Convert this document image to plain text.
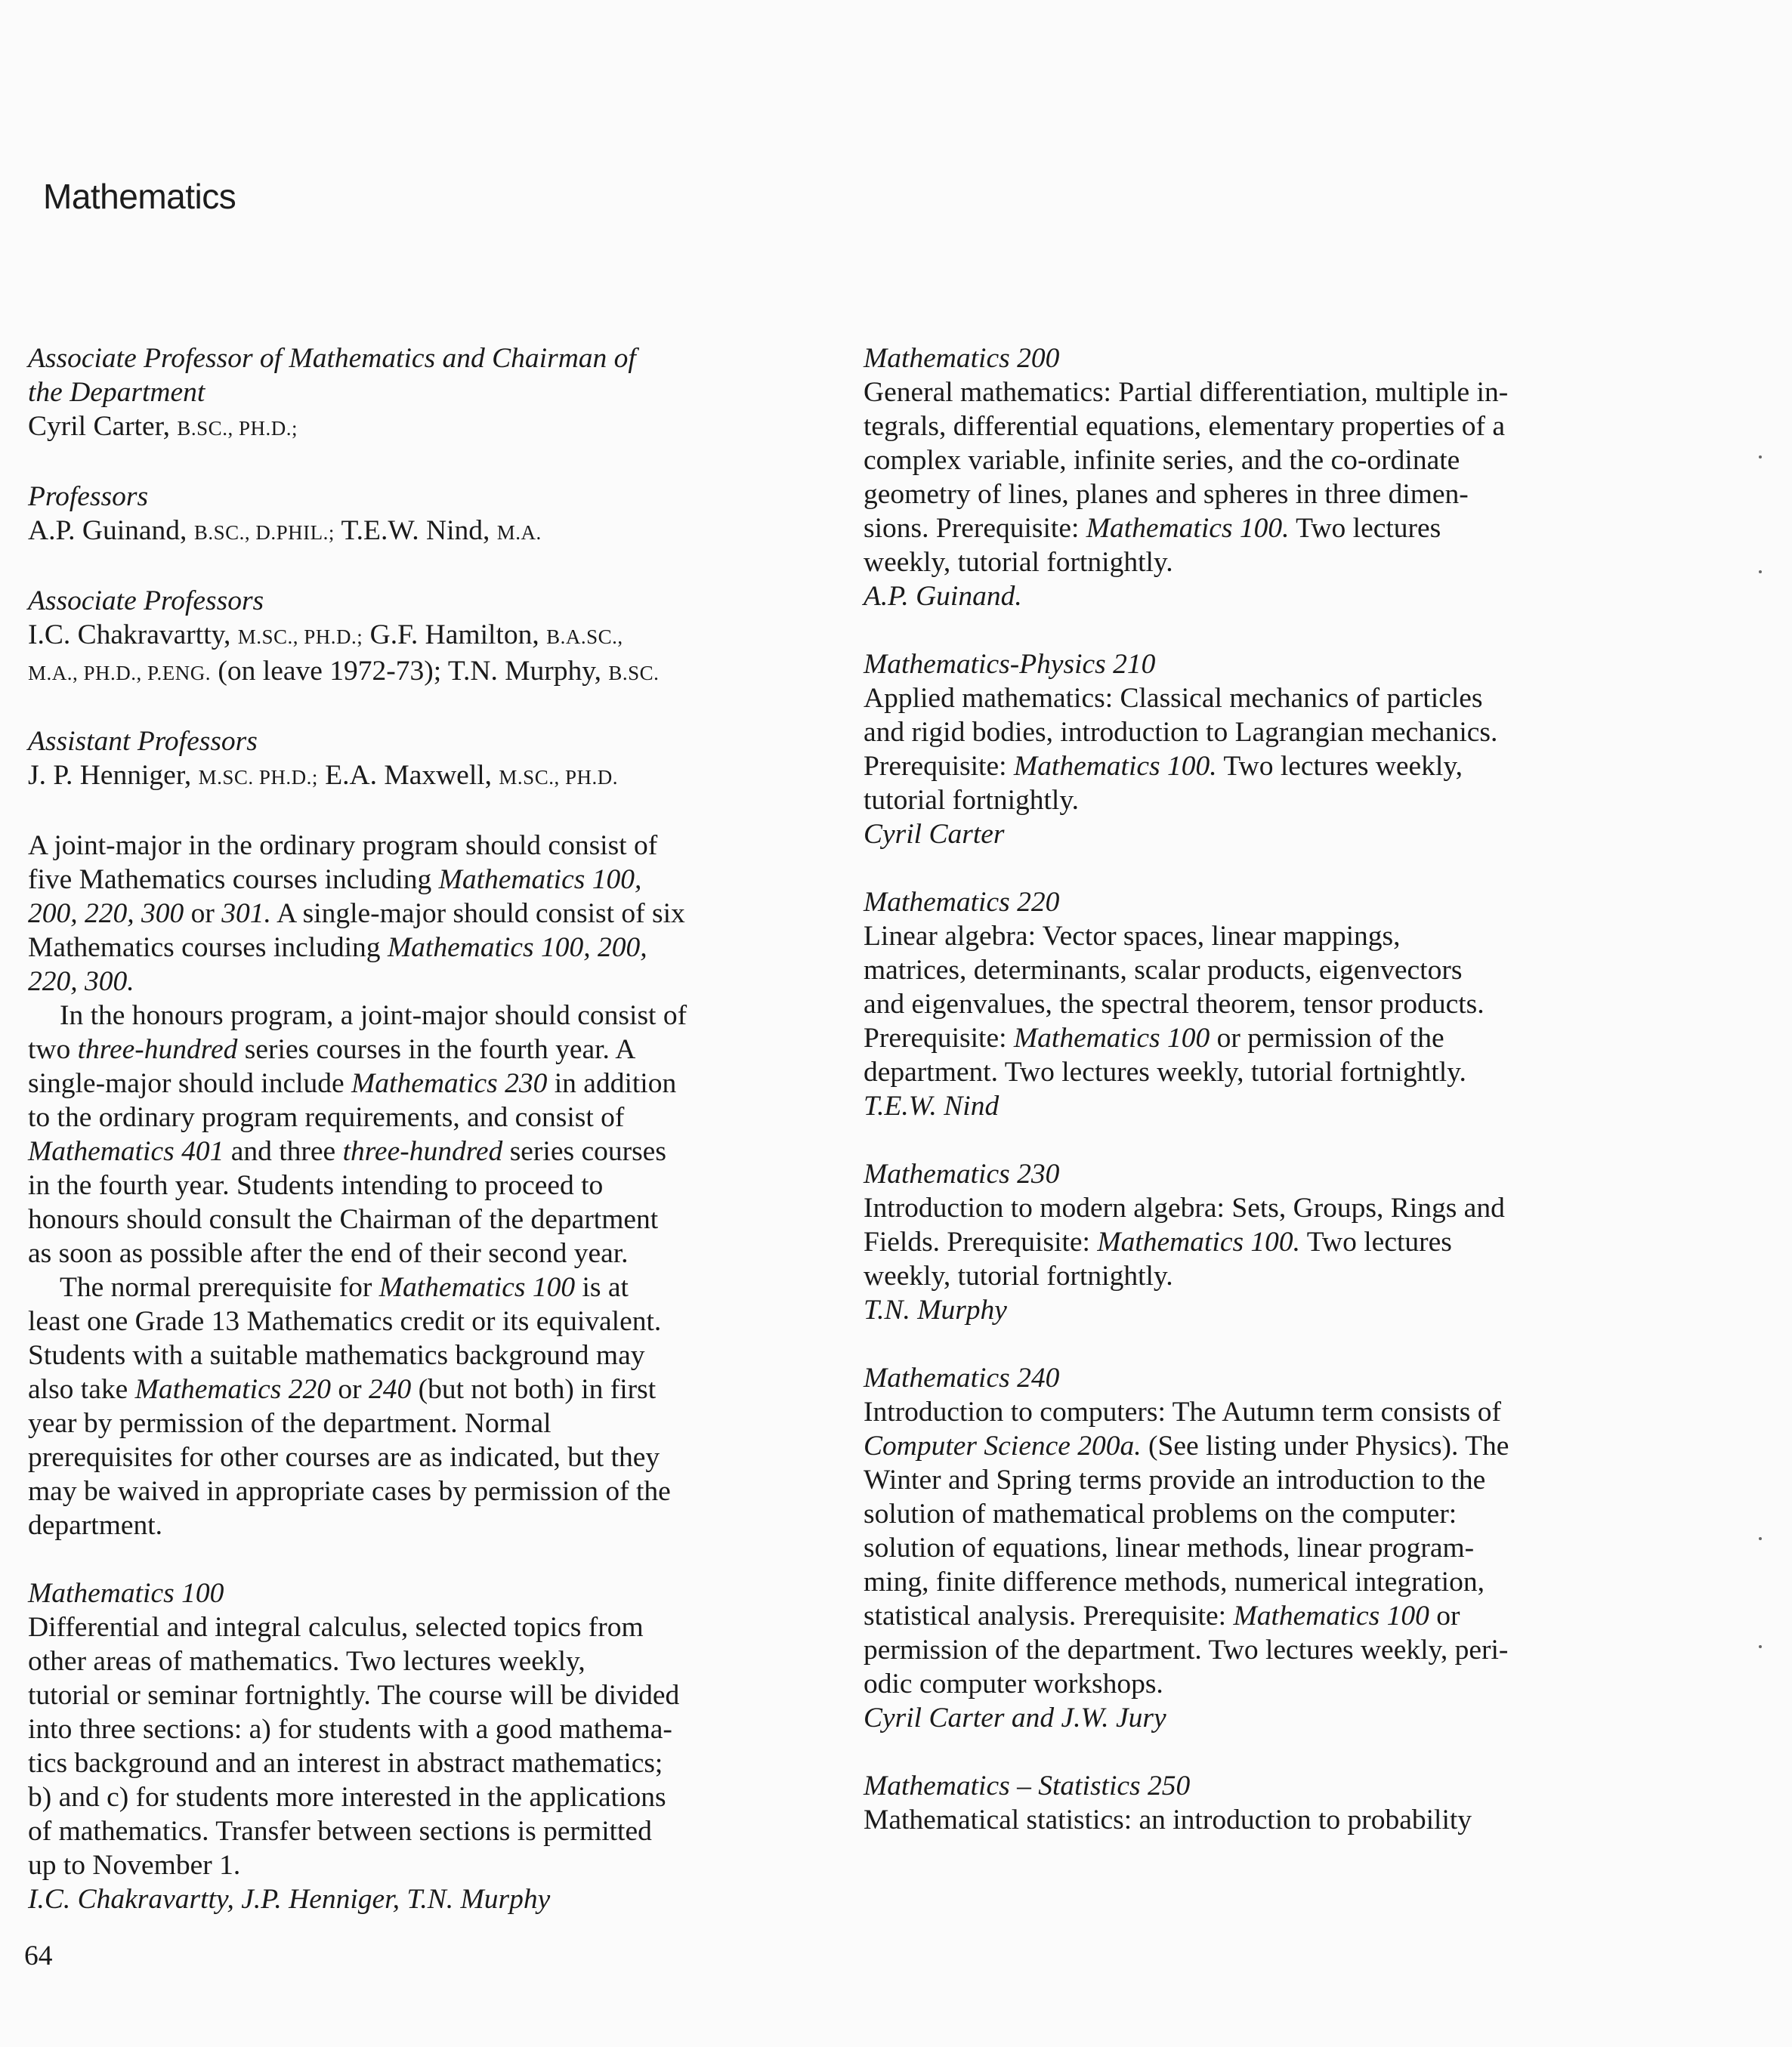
Mathematics
Associate Professor of Mathematics and Chairman of
the Department
Cyril Carter, B.SC., PH.D.;
Professors
A.P. Guinand, B.SC., D.PHIL.; T.E.W. Nind, M.A.
Associate Professors
I.C. Chakravartty, M.SC., PH.D.; G.F. Hamilton, B.A.SC.,
M.A., PH.D., P.ENG. (on leave 1972-73); T.N. Murphy, B.SC.
Assistant Professors
J. P. Henniger, M.SC. PH.D.; E.A. Maxwell, M.SC., PH.D.
A joint-major in the ordinary program should consist of
five Mathematics courses including Mathematics 100,
200, 220, 300 or 301. A single-major should consist of six
Mathematics courses including Mathematics 100, 200,
220, 300.
In the honours program, a joint-major should consist of
two three-hundred series courses in the fourth year. A
single-major should include Mathematics 230 in addition
to the ordinary program requirements, and consist of
Mathematics 401 and three three-hundred series courses
in the fourth year. Students intending to proceed to
honours should consult the Chairman of the department
as soon as possible after the end of their second year.
The normal prerequisite for Mathematics 100 is at
least one Grade 13 Mathematics credit or its equivalent.
Students with a suitable mathematics background may
also take Mathematics 220 or 240 (but not both) in first
year by permission of the department. Normal
prerequisites for other courses are as indicated, but they
may be waived in appropriate cases by permission of the
department.
Mathematics 100
Differential and integral calculus, selected topics from
other areas of mathematics. Two lectures weekly,
tutorial or seminar fortnightly. The course will be divided
into three sections: a) for students with a good mathema-
tics background and an interest in abstract mathematics;
b) and c) for students more interested in the applications
of mathematics. Transfer between sections is permitted
up to November 1.
I.C. Chakravartty, J.P. Henniger, T.N. Murphy
Mathematics 200
General mathematics: Partial differentiation, multiple in-
tegrals, differential equations, elementary properties of a
complex variable, infinite series, and the co-ordinate
geometry of lines, planes and spheres in three dimen-
sions. Prerequisite: Mathematics 100. Two lectures
weekly, tutorial fortnightly.
A.P. Guinand.
Mathematics-Physics 210
Applied mathematics: Classical mechanics of particles
and rigid bodies, introduction to Lagrangian mechanics.
Prerequisite: Mathematics 100. Two lectures weekly,
tutorial fortnightly.
Cyril Carter
Mathematics 220
Linear algebra: Vector spaces, linear mappings,
matrices, determinants, scalar products, eigenvectors
and eigenvalues, the spectral theorem, tensor products.
Prerequisite: Mathematics 100 or permission of the
department. Two lectures weekly, tutorial fortnightly.
T.E.W. Nind
Mathematics 230
Introduction to modern algebra: Sets, Groups, Rings and
Fields. Prerequisite: Mathematics 100. Two lectures
weekly, tutorial fortnightly.
T.N. Murphy
Mathematics 240
Introduction to computers: The Autumn term consists of
Computer Science 200a. (See listing under Physics). The
Winter and Spring terms provide an introduction to the
solution of mathematical problems on the computer:
solution of equations, linear methods, linear program-
ming, finite difference methods, numerical integration,
statistical analysis. Prerequisite: Mathematics 100 or
permission of the department. Two lectures weekly, peri-
odic computer workshops.
Cyril Carter and J.W. Jury
Mathematics – Statistics 250
Mathematical statistics: an introduction to probability
64
